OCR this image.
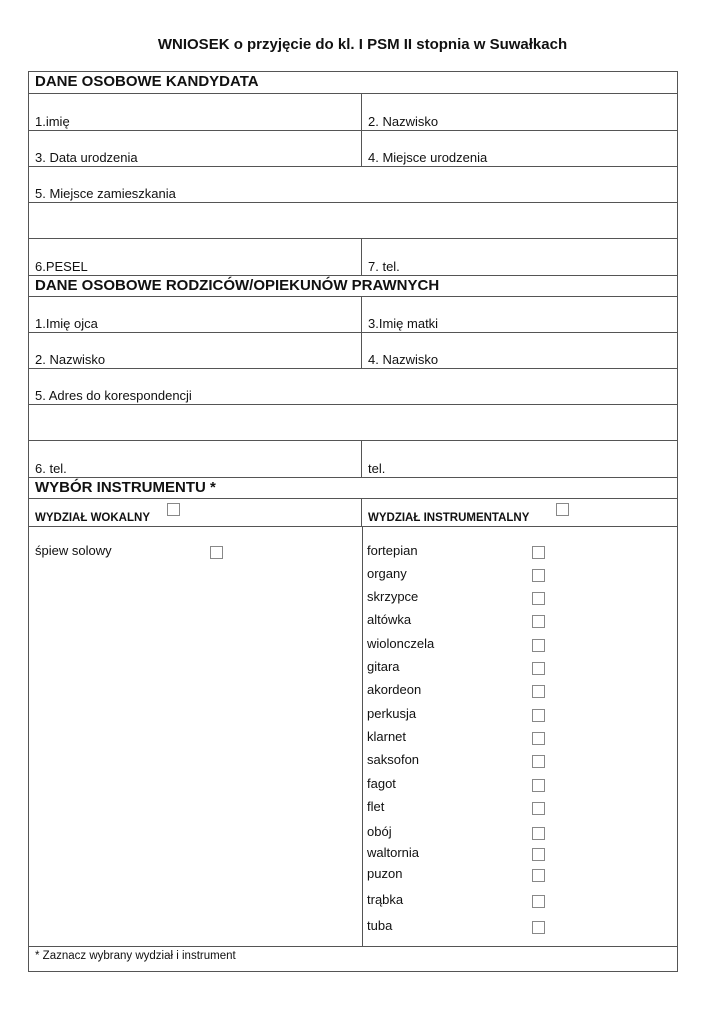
WNIOSEK o przyjęcie do kl. I PSM II stopnia w Suwałkach
DANE OSOBOWE KANDYDATA
1.imię	2. Nazwisko
3. Data urodzenia	4. Miejsce urodzenia
5. Miejsce zamieszkania
6.PESEL	7. tel.
DANE OSOBOWE RODZICÓW/OPIEKUNÓW PRAWNYCH
1.Imię ojca	3.Imię matki
2. Nazwisko	4. Nazwisko
5. Adres do korespondencji
6. tel.	tel.
WYBÓR INSTRUMENTU *
WYDZIAŁ WOKALNY	WYDZIAŁ INSTRUMENTALNY
śpiew solowy	fortepian
organy
skrzypce
altówka
wiolonczela
gitara
akordeon
perkusja
klarnet
saksofon
fagot
flet
obój
waltornia
puzon
trąbka
tuba
* Zaznacz wybrany wydział i instrument
